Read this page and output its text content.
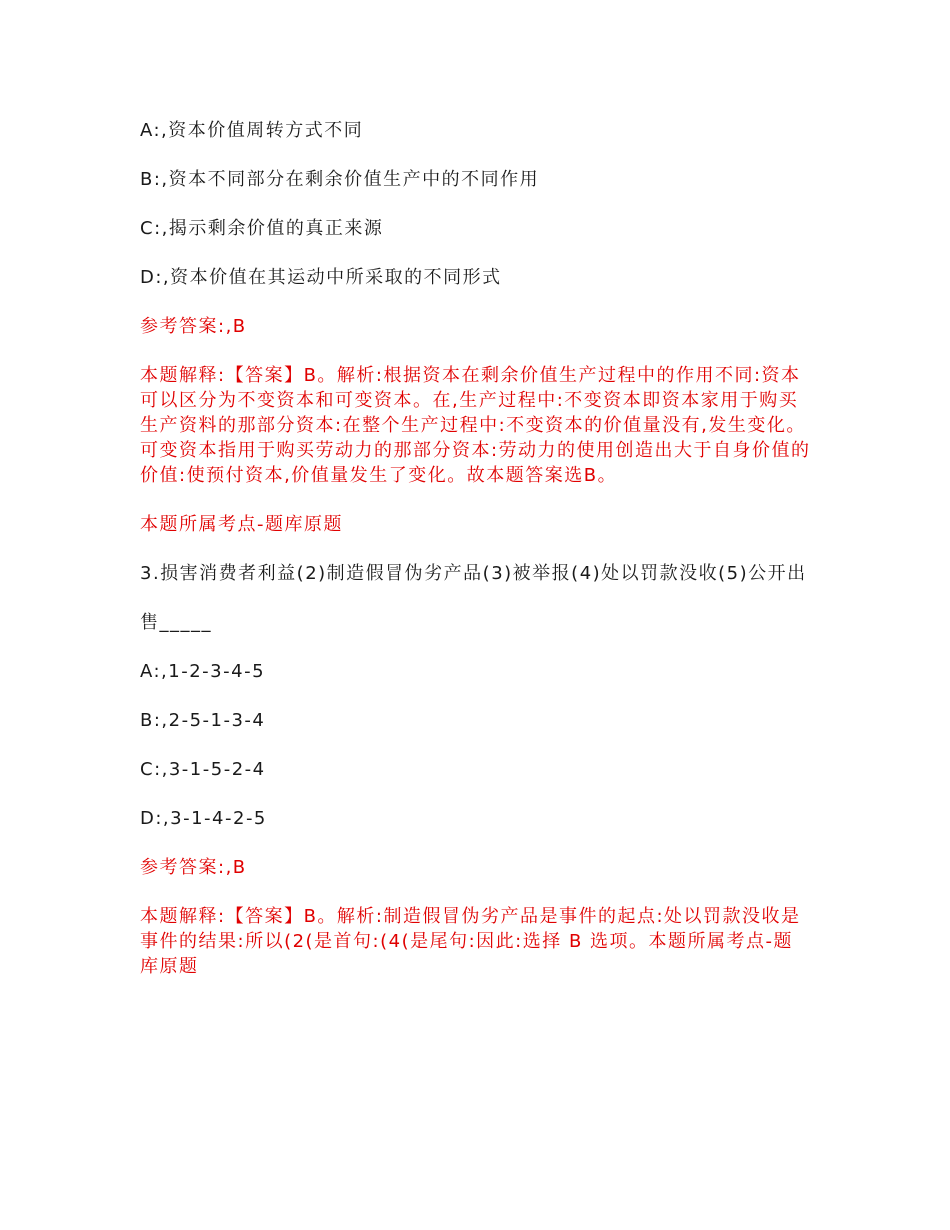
A:,资本价值周转方式不同

B:,资本不同部分在剩余价值生产中的不同作用

C:,揭示剩余价值的真正来源

D:,资本价值在其运动中所采取的不同形式

参考答案:,B

本题解释:【答案】B。解析:根据资本在剩余价值生产过程中的作用不同:资本可以区分为不变资本和可变资本。在,生产过程中:不变资本即资本家用于购买生产资料的那部分资本:在整个生产过程中:不变资本的价值量没有,发生变化。可变资本指用于购买劳动力的那部分资本:劳动力的使用创造出大于自身价值的价值:使预付资本,价值量发生了变化。故本题答案选B。

本题所属考点-题库原题

3.损害消费者利益(2)制造假冒伪劣产品(3)被举报(4)处以罚款没收(5)公开出

售_____

A:,1-2-3-4-5

B:,2-5-1-3-4

C:,3-1-5-2-4

D:,3-1-4-2-5

参考答案:,B

本题解释:【答案】B。解析:制造假冒伪劣产品是事件的起点:处以罚款没收是事件的结果:所以(2(是首句:(4(是尾句:因此:选择 B 选项。本题所属考点-题库原题
